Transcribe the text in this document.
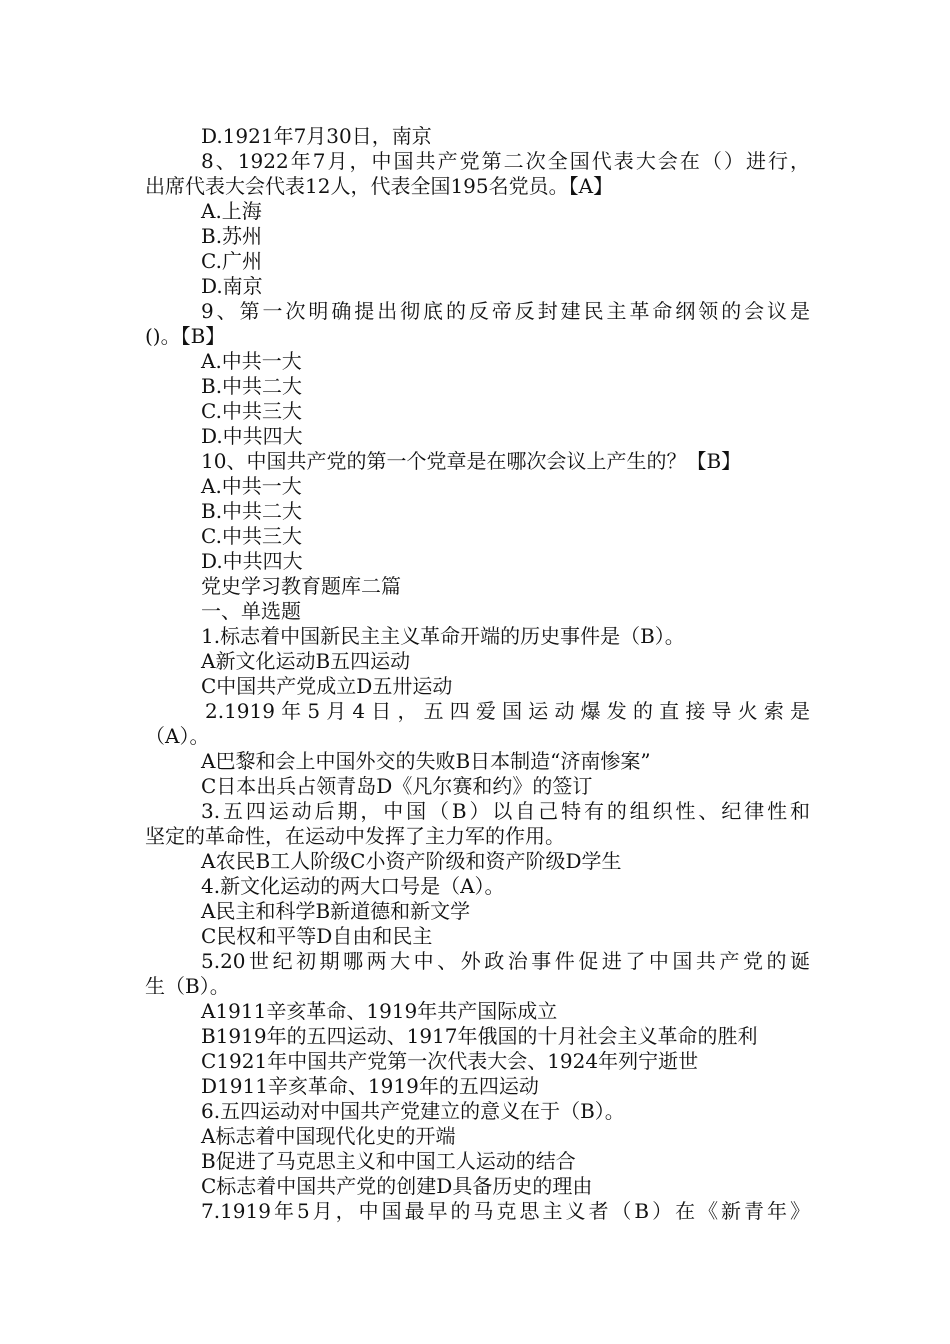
D.1921年7月30日，南京
8、1922年7月，中国共产党第二次全国代表大会在（）进行，
出席代表大会代表12人，代表全国195名党员。【A】
A.上海
B.苏州
C.广州
D.南京
9、第一次明确提出彻底的反帝反封建民主革命纲领的会议是
()。【B】
A.中共一大
B.中共二大
C.中共三大
D.中共四大
10、中国共产党的第一个党章是在哪次会议上产生的？【B】
A.中共一大
B.中共二大
C.中共三大
D.中共四大
党史学习教育题库二篇
一、单选题
1.标志着中国新民主主义革命开端的历史事件是（B）。
A新文化运动B五四运动
C中国共产党成立D五卅运动
2.1919年5月4日，五四爱国运动爆发的直接导火索是
（A）。
A巴黎和会上中国外交的失败B日本制造“济南惨案”
C日本出兵占领青岛D《凡尔赛和约》的签订
3.五四运动后期，中国（B）以自己特有的组织性、纪律性和
坚定的革命性，在运动中发挥了主力军的作用。
A农民B工人阶级C小资产阶级和资产阶级D学生
4.新文化运动的两大口号是（A）。
A民主和科学B新道德和新文学
C民权和平等D自由和民主
5.20世纪初期哪两大中、外政治事件促进了中国共产党的诞
生（B）。
A1911辛亥革命、1919年共产国际成立
B1919年的五四运动、1917年俄国的十月社会主义革命的胜利
C1921年中国共产党第一次代表大会、1924年列宁逝世
D1911辛亥革命、1919年的五四运动
6.五四运动对中国共产党建立的意义在于（B）。
A标志着中国现代化史的开端
B促进了马克思主义和中国工人运动的结合
C标志着中国共产党的创建D具备历史的理由
7.1919年5月，中国最早的马克思主义者（B）在《新青年》
